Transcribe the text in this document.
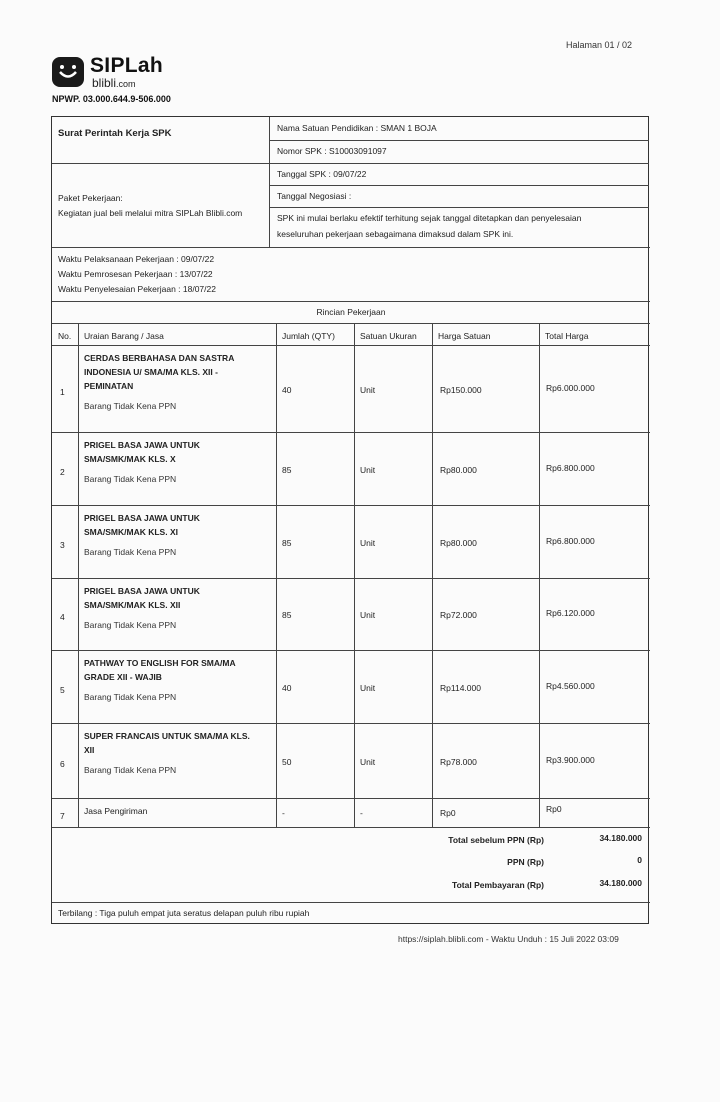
Halaman 01 / 02
SIPLah
blibli.com
NPWP. 03.000.644.9-506.000
Surat Perintah Kerja SPK
Paket Pekerjaan:
Kegiatan jual beli melalui mitra SIPLah Blibli.com
Nama Satuan Pendidikan : SMAN 1 BOJA
Nomor SPK : S10003091097
Tanggal SPK : 09/07/22
Tanggal Negosiasi :
SPK ini mulai berlaku efektif terhitung sejak tanggal ditetapkan dan penyelesaian
keseluruhan pekerjaan sebagaimana dimaksud dalam SPK ini.
Waktu Pelaksanaan Pekerjaan : 09/07/22
Waktu Pemrosesan Pekerjaan : 13/07/22
Waktu Penyelesaian Pekerjaan : 18/07/22
Rincian Pekerjaan
No. Uraian Barang / Jasa	Jumlah (QTY)	Satuan Ukuran	Harga Satuan	Total Harga
Total sebelum PPN (Rp)	34.180.000
PPN (Rp)	0
Total Pembayaran (Rp)	34.180.000
Terbilang : Tiga puluh empat juta seratus delapan puluh ribu rupiah
1
CERDAS BERBAHASA DAN SASTRA
INDONESIA U/ SMA/MA KLS. XII -
PEMINATAN
Barang Tidak Kena PPN
40	Unit	Rp150.000	Rp6.000.000
2
PRIGEL BASA JAWA UNTUK
SMA/SMK/MAK KLS. X
Barang Tidak Kena PPN
85	Unit	Rp80.000	Rp6.800.000
3
PRIGEL BASA JAWA UNTUK
SMA/SMK/MAK KLS. XI
Barang Tidak Kena PPN
85	Unit	Rp80.000	Rp6.800.000
4
PRIGEL BASA JAWA UNTUK
SMA/SMK/MAK KLS. XII
Barang Tidak Kena PPN
85	Unit	Rp72.000	Rp6.120.000
5
PATHWAY TO ENGLISH FOR SMA/MA
GRADE XII - WAJIB
Barang Tidak Kena PPN
40	Unit	Rp114.000	Rp4.560.000
6
SUPER FRANCAIS UNTUK SMA/MA KLS.
XII
Barang Tidak Kena PPN
50	Unit	Rp78.000	Rp3.900.000
7 Jasa Pengiriman	-	-	Rp0	Rp0
https://siplah.blibli.com - Waktu Unduh : 15 Juli 2022 03:09
